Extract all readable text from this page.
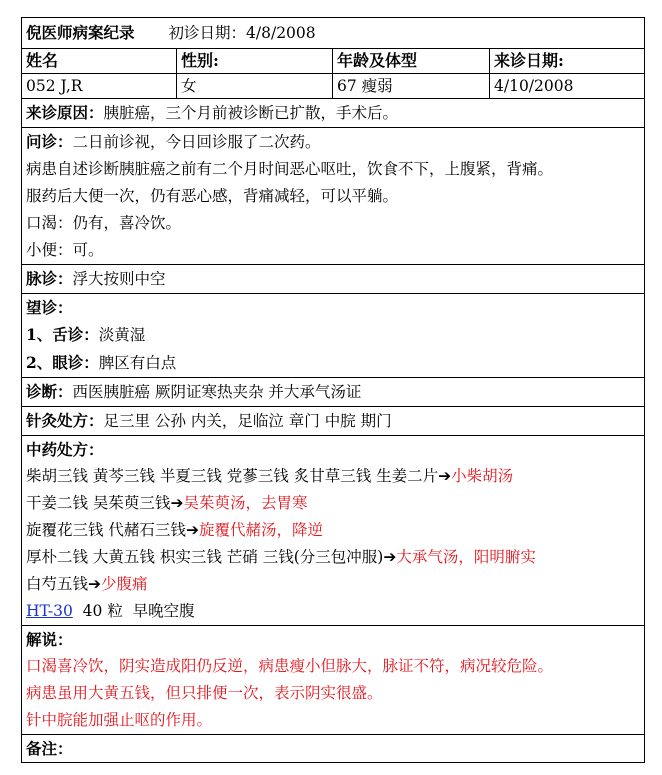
倪医师病案纪录 初诊日期：4/8/2008
姓名	性别:	年龄及体型	来诊日期:
052 J,R	女	67 瘦弱	4/10/2008
来诊原因：胰脏癌，三个月前被诊断已扩散，手术后。
问诊：二日前诊视，今日回诊服了二次药。
病患自述诊断胰脏癌之前有二个月时间恶心呕吐，饮食不下，上腹紧，背痛。
服药后大便一次，仍有恶心感，背痛减轻，可以平躺。
口渴：仍有，喜冷饮。
小便：可。
脉诊：浮大按则中空
望诊：
1、舌诊：淡黄湿
2、眼诊：脾区有白点
诊断：西医胰脏癌 厥阴证寒热夹杂 并大承气汤证
针灸处方：足三里 公孙 内关，足临泣 章门 中脘 期门
中药处方：
柴胡三钱 黄芩三钱 半夏三钱 党蔘三钱 炙甘草三钱 生姜二片➔小柴胡汤
干姜二钱 吴茱萸三钱➔吴茱萸汤，去胃寒
旋覆花三钱 代赭石三钱➔旋覆代赭汤，降逆
厚朴二钱 大黄五钱 枳实三钱 芒硝 三钱(分三包冲服)➔大承气汤，阳明腑实
白芍五钱➔少腹痛
HT-30  40 粒  早晚空腹
解说：
口渴喜冷饮，阴实造成阳仍反逆，病患瘦小但脉大，脉证不符，病况较危险。
病患虽用大黄五钱，但只排便一次，表示阴实很盛。
针中脘能加强止呕的作用。
备注：
